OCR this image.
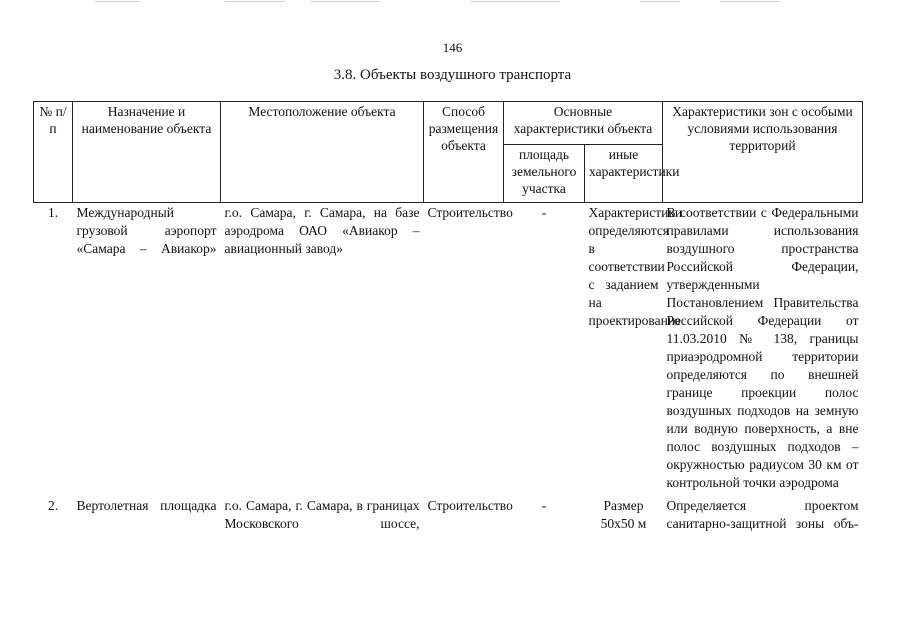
146
3.8. Объекты воздушного транспорта
№ п/п	Назначение и наименование объекта	Местоположение объекта	Способ размещения объекта	Основные характеристики объекта		Характеристики зон с особыми условиями использования территорий
				площадь земельного участка	иные характеристики	
1.	Международный грузовой аэропорт «Самара – Авиакор»	г.о. Самара, г. Самара, на базе аэродрома ОАО «Авиакор – авиационный завод»	Строительство	-	Характеристики определяются в соответствии с заданием на проектирование	В соответствии с Федеральными правилами использования воздушного пространства Российской Федерации, утвержденными Постановлением Правительства Российской Федерации от 11.03.2010 № 138, границы приаэродромной территории определяются по внешней границе проекции полос воздушных подходов на земную или водную поверхность, а вне полос воздушных подходов – окружностью радиусом 30 км от контрольной точки аэродрома
2.	Вертолетная площадка	г.о. Самара, г. Самара, в границах Московского шоссе,	Строительство	-	Размер 50х50 м	Определяется проектом санитарно-защитной зоны объ-
